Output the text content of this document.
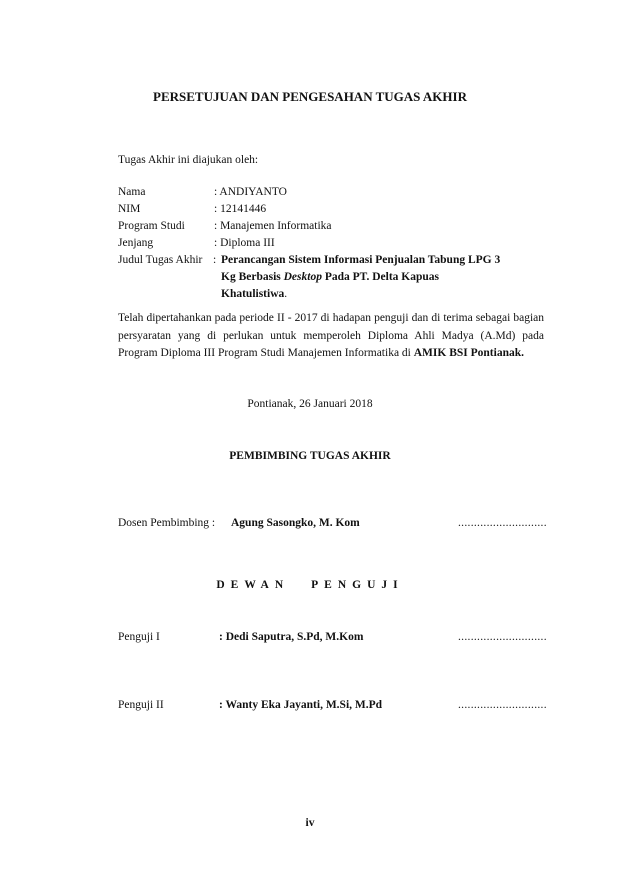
PERSETUJUAN DAN PENGESAHAN TUGAS AKHIR
Tugas Akhir ini diajukan oleh:
Nama	: ANDIYANTO
NIM	: 12141446
Program Studi	: Manajemen Informatika
Jenjang	: Diploma III
Judul Tugas Akhir : Perancangan Sistem Informasi Penjualan Tabung LPG 3
Kg Berbasis Desktop Pada PT. Delta Kapuas
Khatulistiwa.
Telah dipertahankan pada periode II - 2017 di hadapan penguji dan di terima sebagai bagian persyaratan yang di perlukan untuk memperoleh Diploma Ahli Madya (A.Md) pada Program Diploma III Program Studi Manajemen Informatika di AMIK BSI Pontianak.
Pontianak, 26 Januari 2018
PEMBIMBING TUGAS AKHIR
Dosen Pembimbing : Agung Sasongko, M. Kom	............................
DEWAN PENGUJI
Penguji I	: Dedi Saputra, S.Pd, M.Kom	............................
Penguji II	: Wanty Eka Jayanti, M.Si, M.Pd	............................
iv
